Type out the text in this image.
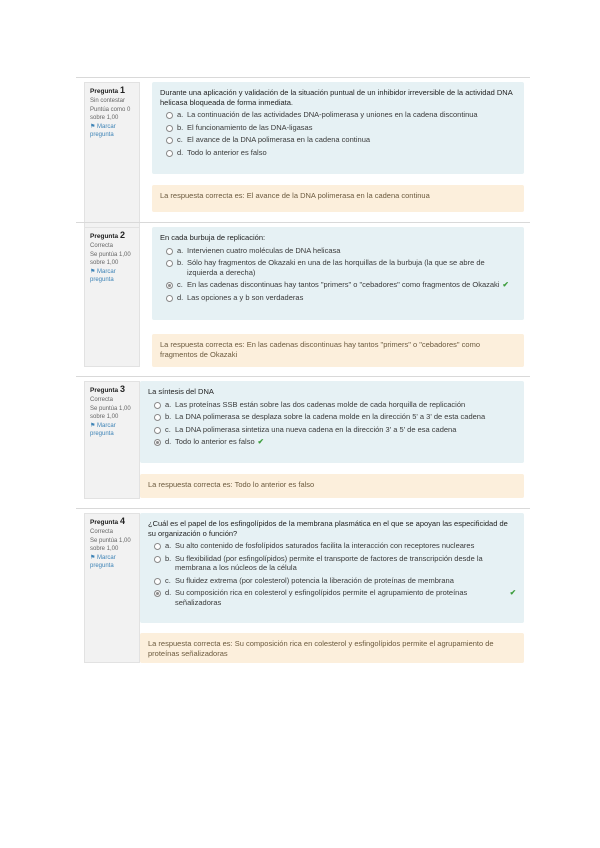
Pregunta 1
Sin contestar
Puntúa como 0 sobre 1,00
⚑ Marcar pregunta
Durante una aplicación y validación de la situación puntual de un inhibidor irreversible de la actividad DNA helicasa bloqueada de forma inmediata.
a. La continuación de las actividades DNA-polimerasa y uniones en la cadena discontinua
b. El funcionamiento de las DNA-ligasas
c. El avance de la DNA polimerasa en la cadena continua
d. Todo lo anterior es falso
La respuesta correcta es: El avance de la DNA polimerasa en la cadena continua
Pregunta 2
Correcta
Se puntúa 1,00 sobre 1,00
⚑ Marcar pregunta
En cada burbuja de replicación:
a. Intervienen cuatro moléculas de DNA helicasa
b. Sólo hay fragmentos de Okazaki en una de las horquillas de la burbuja (la que se abre de izquierda a derecha)
c. En las cadenas discontinuas hay tantos "primers" o "cebadores" como fragmentos de Okazaki ✔
d. Las opciones a y b son verdaderas
La respuesta correcta es: En las cadenas discontinuas hay tantos "primers" o "cebadores" como fragmentos de Okazaki
Pregunta 3
Correcta
Se puntúa 1,00 sobre 1,00
⚑ Marcar pregunta
La síntesis del DNA
a. Las proteínas SSB están sobre las dos cadenas molde de cada horquilla de replicación
b. La DNA polimerasa se desplaza sobre la cadena molde en la dirección 5' a 3' de esta cadena
c. La DNA polimerasa sintetiza una nueva cadena en la dirección 3' a 5' de esa cadena
d. Todo lo anterior es falso ✔
La respuesta correcta es: Todo lo anterior es falso
Pregunta 4
Correcta
Se puntúa 1,00 sobre 1,00
⚑ Marcar pregunta
¿Cuál es el papel de los esfingolípidos de la membrana plasmática en el que se apoyan las especificidad de su organización o función?
a. Su alto contenido de fosfolípidos saturados facilita la interacción con receptores nucleares
b. Su flexibilidad (por esfingolípidos) permite el transporte de factores de transcripción desde la membrana a los núcleos de la célula
c. Su fluidez extrema (por colesterol) potencia la liberación de proteínas de membrana
d. Su composición rica en colesterol y esfingolípidos permite el agrupamiento de proteínas señalizadoras
✔
La respuesta correcta es: Su composición rica en colesterol y esfingolípidos permite el agrupamiento de proteínas señalizadoras
